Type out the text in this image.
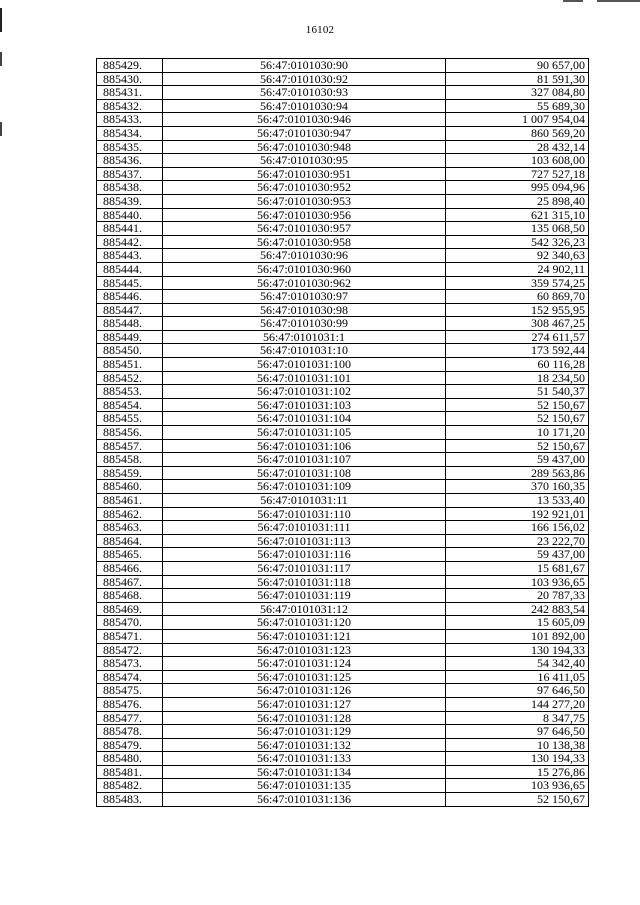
16102
885429.	56:47:0101030:90	90 657,00
885430.	56:47:0101030:92	81 591,30
885431.	56:47:0101030:93	327 084,80
885432.	56:47:0101030:94	55 689,30
885433.	56:47:0101030:946	1 007 954,04
885434.	56:47:0101030:947	860 569,20
885435.	56:47:0101030:948	28 432,14
885436.	56:47:0101030:95	103 608,00
885437.	56:47:0101030:951	727 527,18
885438.	56:47:0101030:952	995 094,96
885439.	56:47:0101030:953	25 898,40
885440.	56:47:0101030:956	621 315,10
885441.	56:47:0101030:957	135 068,50
885442.	56:47:0101030:958	542 326,23
885443.	56:47:0101030:96	92 340,63
885444.	56:47:0101030:960	24 902,11
885445.	56:47:0101030:962	359 574,25
885446.	56:47:0101030:97	60 869,70
885447.	56:47:0101030:98	152 955,95
885448.	56:47:0101030:99	308 467,25
885449.	56:47:0101031:1	274 611,57
885450.	56:47:0101031:10	173 592,44
885451.	56:47:0101031:100	60 116,28
885452.	56:47:0101031:101	18 234,50
885453.	56:47:0101031:102	51 540,37
885454.	56:47:0101031:103	52 150,67
885455.	56:47:0101031:104	52 150,67
885456.	56:47:0101031:105	10 171,20
885457.	56:47:0101031:106	52 150,67
885458.	56:47:0101031:107	59 437,00
885459.	56:47:0101031:108	289 563,86
885460.	56:47:0101031:109	370 160,35
885461.	56:47:0101031:11	13 533,40
885462.	56:47:0101031:110	192 921,01
885463.	56:47:0101031:111	166 156,02
885464.	56:47:0101031:113	23 222,70
885465.	56:47:0101031:116	59 437,00
885466.	56:47:0101031:117	15 681,67
885467.	56:47:0101031:118	103 936,65
885468.	56:47:0101031:119	20 787,33
885469.	56:47:0101031:12	242 883,54
885470.	56:47:0101031:120	15 605,09
885471.	56:47:0101031:121	101 892,00
885472.	56:47:0101031:123	130 194,33
885473.	56:47:0101031:124	54 342,40
885474.	56:47:0101031:125	16 411,05
885475.	56:47:0101031:126	97 646,50
885476.	56:47:0101031:127	144 277,20
885477.	56:47:0101031:128	8 347,75
885478.	56:47:0101031:129	97 646,50
885479.	56:47:0101031:132	10 138,38
885480.	56:47:0101031:133	130 194,33
885481.	56:47:0101031:134	15 276,86
885482.	56:47:0101031:135	103 936,65
885483.	56:47:0101031:136	52 150,67
